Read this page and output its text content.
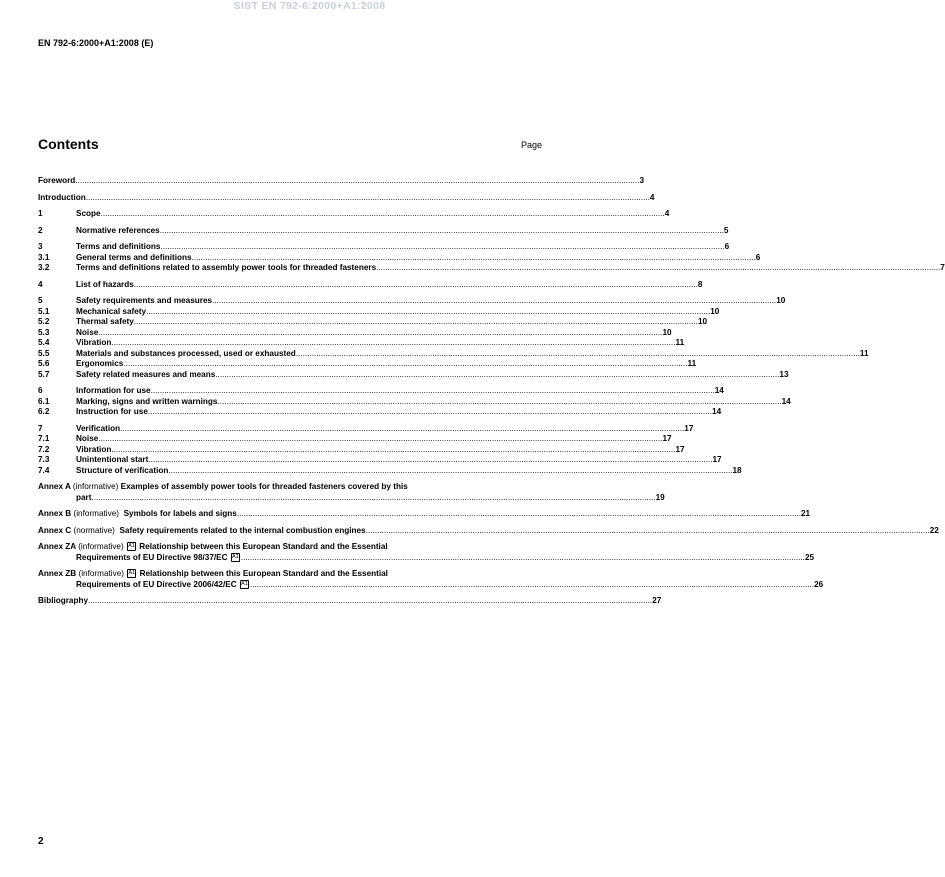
SIST EN 792-6:2000+A1:2008
EN 792-6:2000+A1:2008 (E)
Contents	Page
Foreword .....	3
Introduction .....	4
1	Scope .....	4
2	Normative references .....	5
3	Terms and definitions .....	6
3.1	General terms and definitions .....	6
3.2	Terms and definitions related to assembly power tools for threaded fasteners .....	7
4	List of hazards .....	8
5	Safety requirements and measures .....	10
5.1	Mechanical safety .....	10
5.2	Thermal safety .....	10
5.3	Noise .....	10
5.4	Vibration .....	11
5.5	Materials and substances processed, used or exhausted .....	11
5.6	Ergonomics .....	11
5.7	Safety related measures and means .....	13
6	Information for use .....	14
6.1	Marking, signs and written warnings .....	14
6.2	Instruction for use .....	14
7	Verification .....	17
7.1	Noise .....	17
7.2	Vibration .....	17
7.3	Unintentional start .....	17
7.4	Structure of verification .....	18
Annex A (informative) Examples of assembly power tools for threaded fasteners covered by this
part .....	19
Annex B (informative) Symbols for labels and signs .....	21
Annex C (normative) Safety requirements related to the internal combustion engines .....	22
Annex ZA (informative) A1 Relationship between this European Standard and the Essential
Requirements of EU Directive 98/37/EC A1 .....	25
Annex ZB (informative) A1 Relationship between this European Standard and the Essential
Requirements of EU Directive 2006/42/EC A1 .....	26
Bibliography .....	27
2
